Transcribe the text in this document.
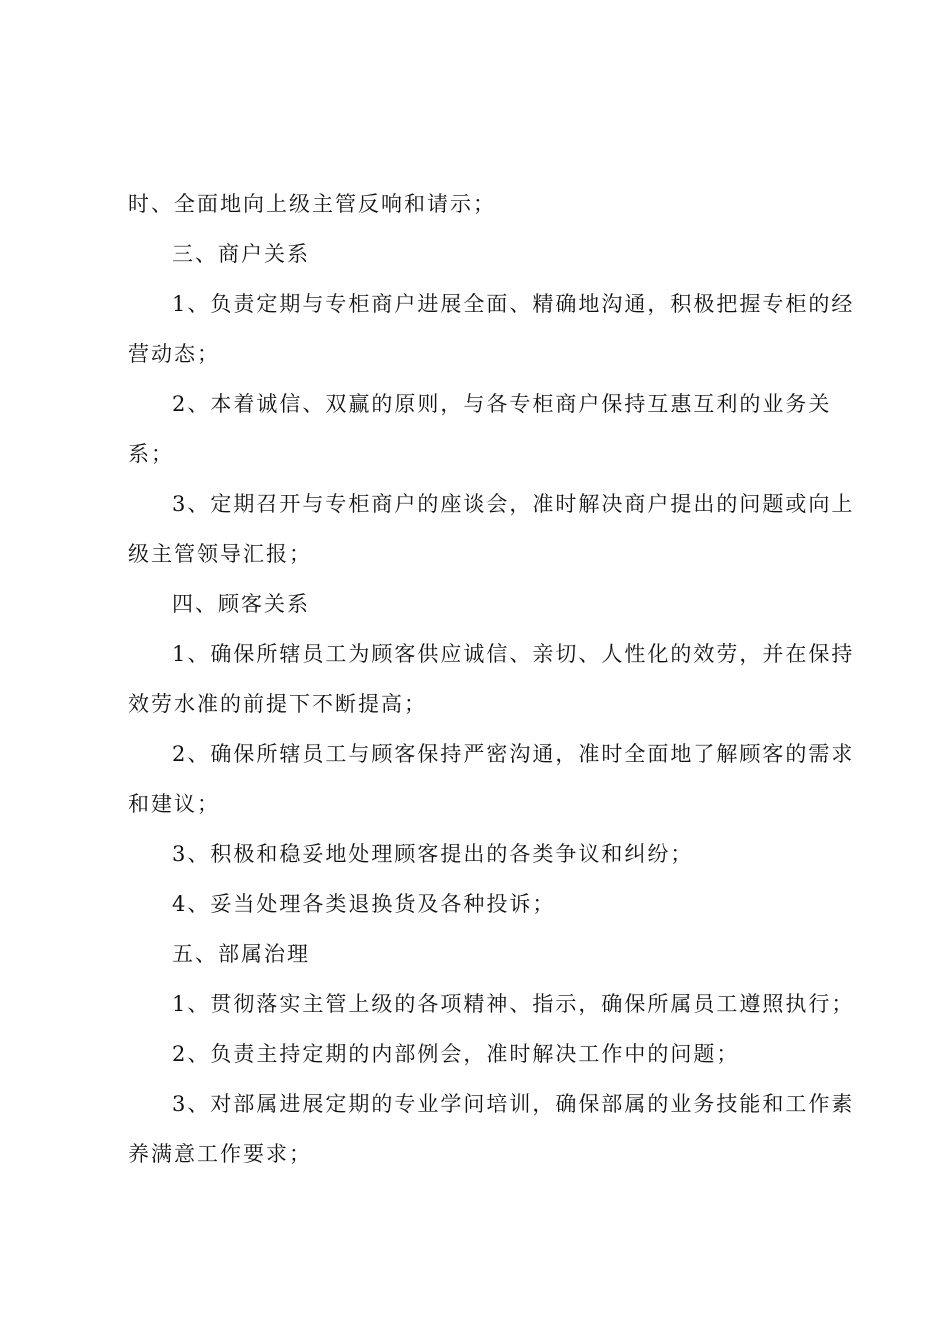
时、全面地向上级主管反响和请示；
三、商户关系
1、负责定期与专柜商户进展全面、精确地沟通，积极把握专柜的经
营动态；
2、本着诚信、双赢的原则，与各专柜商户保持互惠互利的业务关
系；
3、定期召开与专柜商户的座谈会，准时解决商户提出的问题或向上
级主管领导汇报；
四、顾客关系
1、确保所辖员工为顾客供应诚信、亲切、人性化的效劳，并在保持
效劳水准的前提下不断提高；
2、确保所辖员工与顾客保持严密沟通，准时全面地了解顾客的需求
和建议；
3、积极和稳妥地处理顾客提出的各类争议和纠纷；
4、妥当处理各类退换货及各种投诉；
五、部属治理
1、贯彻落实主管上级的各项精神、指示，确保所属员工遵照执行；
2、负责主持定期的内部例会，准时解决工作中的问题；
3、对部属进展定期的专业学问培训，确保部属的业务技能和工作素
养满意工作要求；
